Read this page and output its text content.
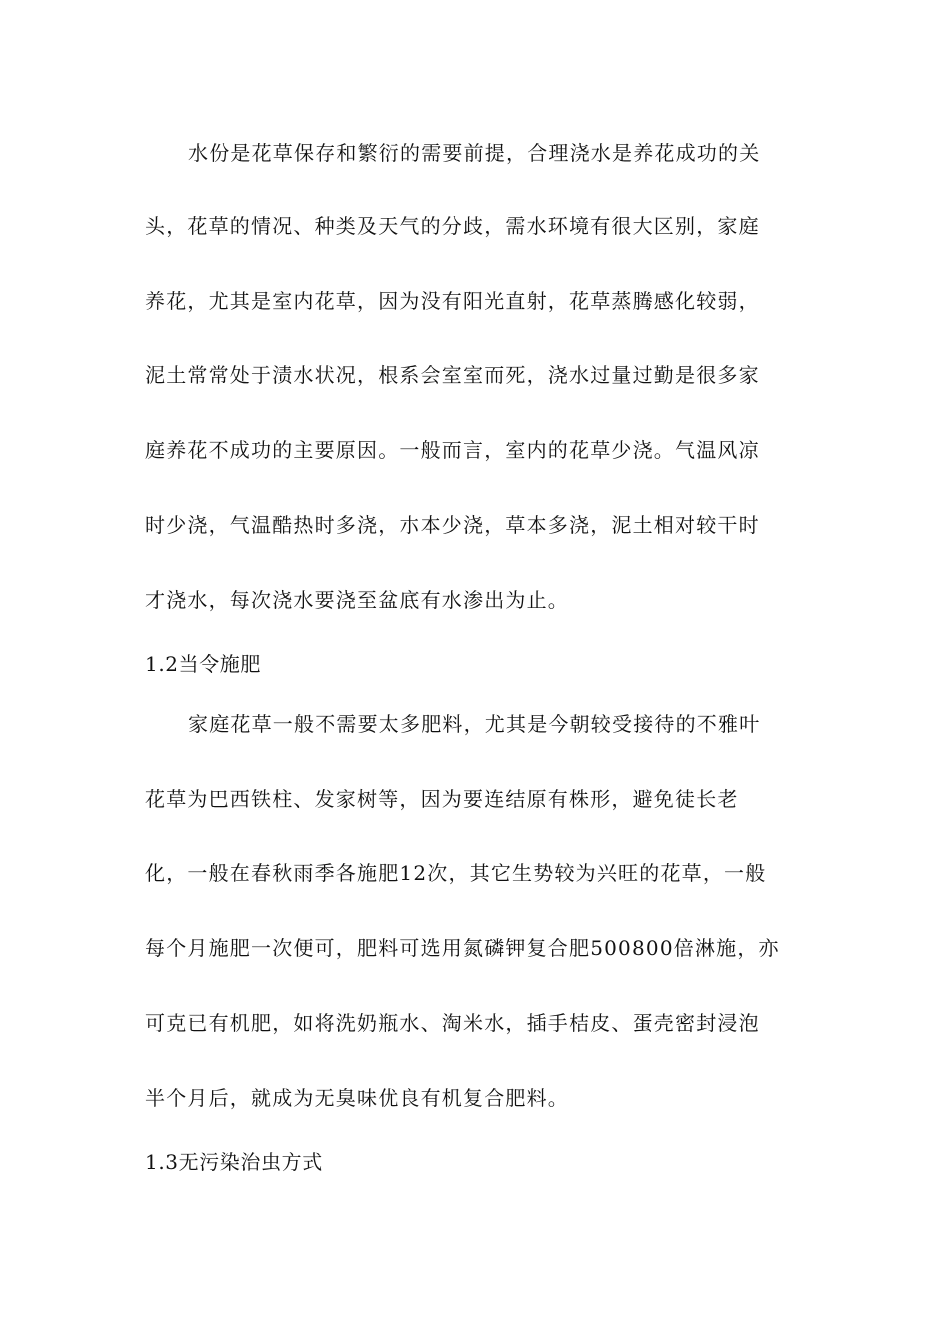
水份是花草保存和繁衍的需要前提，合理浇水是养花成功的关
头，花草的情况、种类及天气的分歧，需水环境有很大区别，家庭
养花，尤其是室内花草，因为没有阳光直射，花草蒸腾感化较弱，
泥土常常处于渍水状况，根系会室室而死，浇水过量过勤是很多家
庭养花不成功的主要原因。一般而言，室内的花草少浇。气温风凉
时少浇，气温酷热时多浇，朩本少浇，草本多浇，泥土相对较干时
才浇水，每次浇水要浇至盆底有水渗出为止。
1.2当令施肥
家庭花草一般不需要太多肥料，尤其是今朝较受接待的不雅叶
花草为巴西铁柱、发家树等，因为要连结原有株形，避免徒长老
化，一般在春秋雨季各施肥12次，其它生势较为兴旺的花草，一般
每个月施肥一次便可，肥料可选用氮磷钾复合肥500800倍淋施，亦
可克已有机肥，如将洗奶瓶水、淘米水，插手桔皮、蛋壳密封浸泡
半个月后，就成为无臭味优良有机复合肥料。
1.3无污染治虫方式
